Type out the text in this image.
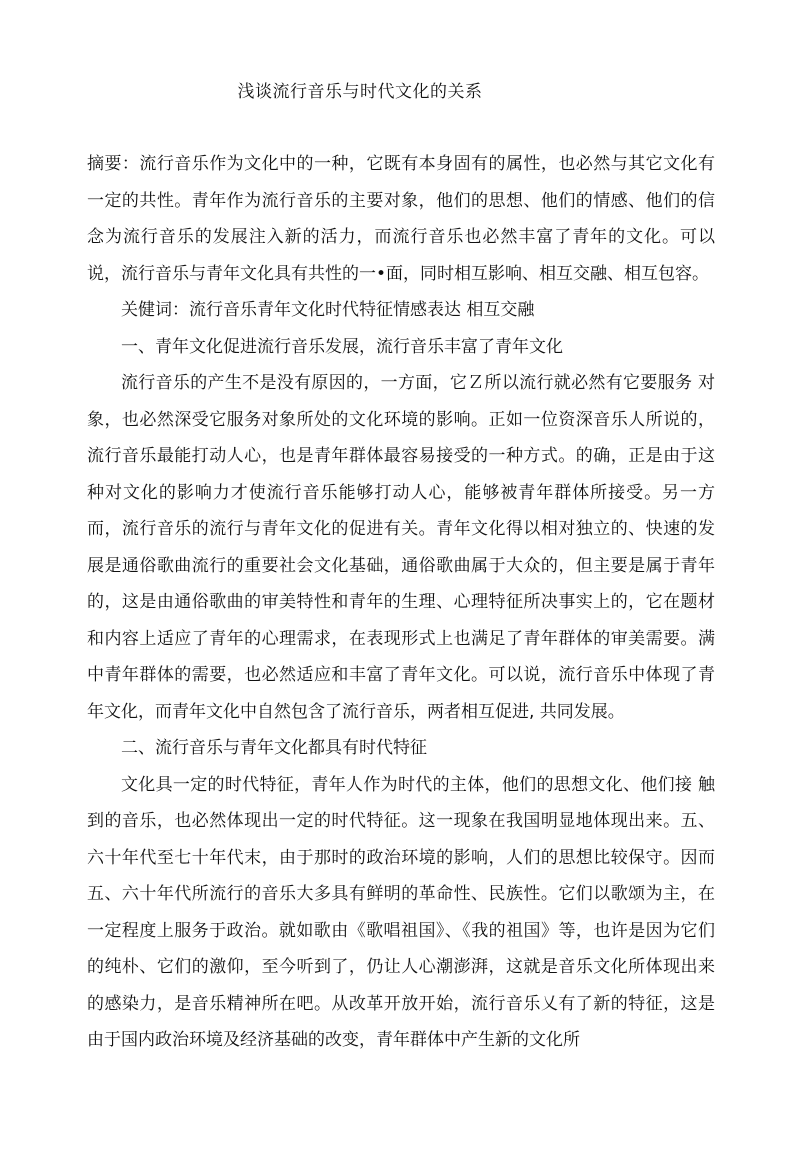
浅谈流行音乐与时代文化的关系

摘要：流行音乐作为文化中的一种，它既有本身固有的属性，也必然与其它文化有一定的共性。青年作为流行音乐的主要对象，他们的思想、他们的情感、他们的信念为流行音乐的发展注入新的活力，而流行音乐也必然丰富了青年的文化。可以说，流行音乐与青年文化具有共性的一•面，同时相互影响、相互交融、相互包容。

关健词：流行音乐青年文化时代特征情感表达 相互交融

一、青年文化促进流行音乐发展，流行音乐丰富了青年文化

流行音乐的产生不是没有原因的，一方面，它Ｚ所以流行就必然有它要服务 对象，也必然深受它服务对象所处的文化环境的影响。正如一位资深音乐人所说的，流行音乐最能打动人心，也是青年群体最容易接受的一种方式。的确，正是由于这种对文化的影响力才使流行音乐能够打动人心，能够被青年群体所接受。另一方而，流行音乐的流行与青年文化的促进有关。青年文化得以相对独立的、快速的发展是通俗歌曲流行的重要社会文化基础，通俗歌曲属于大众的，但主要是属于青年的，这是由通俗歌曲的审美特性和青年的生理、心理特征所决事实上的，它在题材和内容上适应了青年的心理需求，在表现形式上也满足了青年群体的审美需要。满中青年群体的需要，也必然适应和丰富了青年文化。可以说，流行音乐中体现了青年文化，而青年文化中自然包含了流行音乐，两者相互促进, 共同发展。

二、流行音乐与青年文化都具有时代特征

文化具一定的时代特征，青年人作为时代的主体，他们的思想文化、他们接 触到的音乐，也必然体现出一定的时代特征。这一现象在我国明显地体现出来。五、六十年代至七十年代末，由于那时的政治环境的影响，人们的思想比较保守。因而五、六十年代所流行的音乐大多具有鲜明的革命性、民族性。它们以歌颂为主，在一定程度上服务于政治。就如歌由《歌唱祖国》、《我的祖国》等，也许是因为它们的纯朴、它们的激仰，至今听到了，仍让人心潮澎湃，这就是音乐文化所体现出来的感染力，是音乐精神所在吧。从改革开放开始，流行音乐乂有了新的特征，这是由于国内政治环境及经济基础的改变，青年群体中产生新的文化所
